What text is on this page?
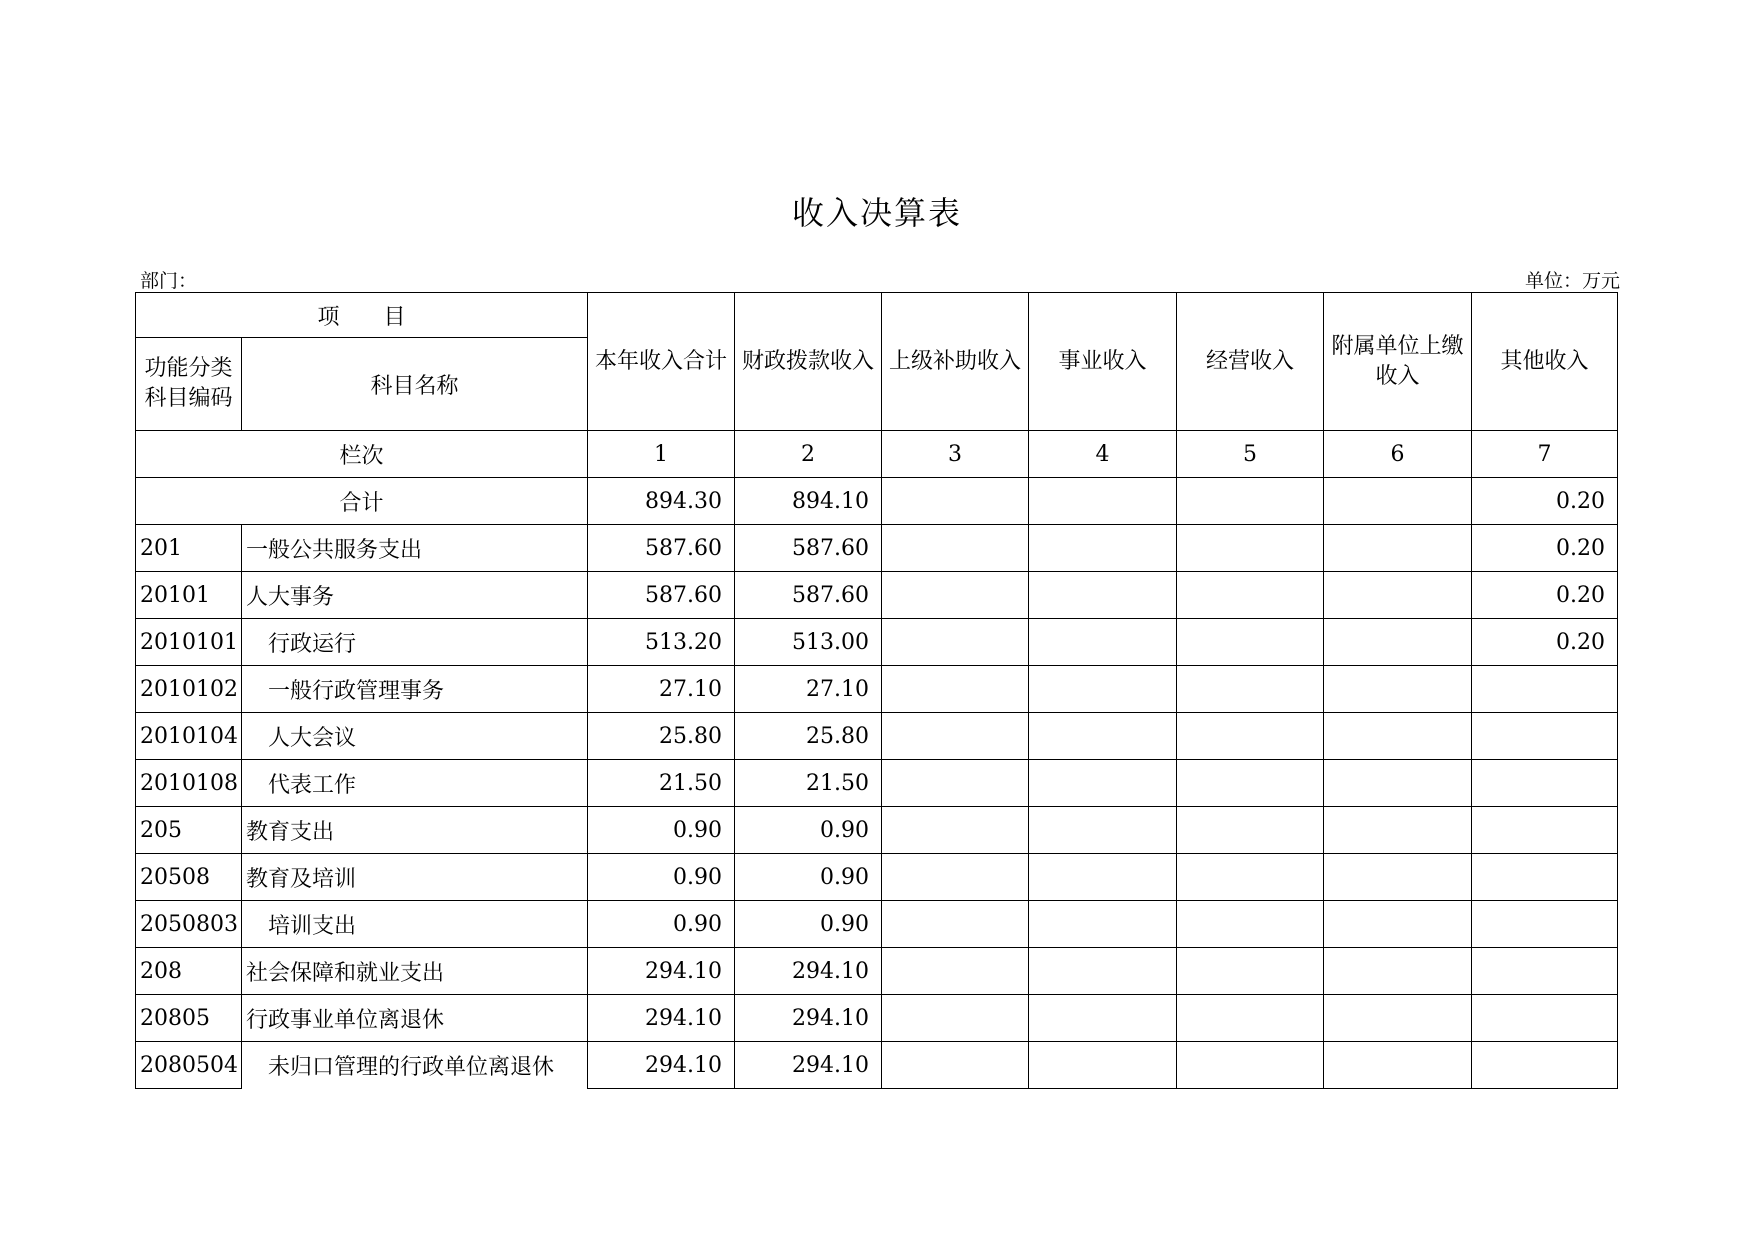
收入决算表
部门：	单位：万元
项 目		本年收入合计	财政拨款收入	上级补助收入	事业收入	经营收入	附属单位上缴收入	其他收入
功能分类科目编码	科目名称							
栏次		1	2	3	4	5	6	7
合计		894.30	894.10					0.20
201	一般公共服务支出	587.60	587.60					0.20
20101	人大事务	587.60	587.60					0.20
2010101	行政运行	513.20	513.00					0.20
2010102	一般行政管理事务	27.10	27.10					
2010104	人大会议	25.80	25.80					
2010108	代表工作	21.50	21.50					
205	教育支出	0.90	0.90					
20508	教育及培训	0.90	0.90					
2050803	培训支出	0.90	0.90					
208	社会保障和就业支出	294.10	294.10					
20805	行政事业单位离退休	294.10	294.10					
2080504	未归口管理的行政单位离退休	294.10	294.10					
